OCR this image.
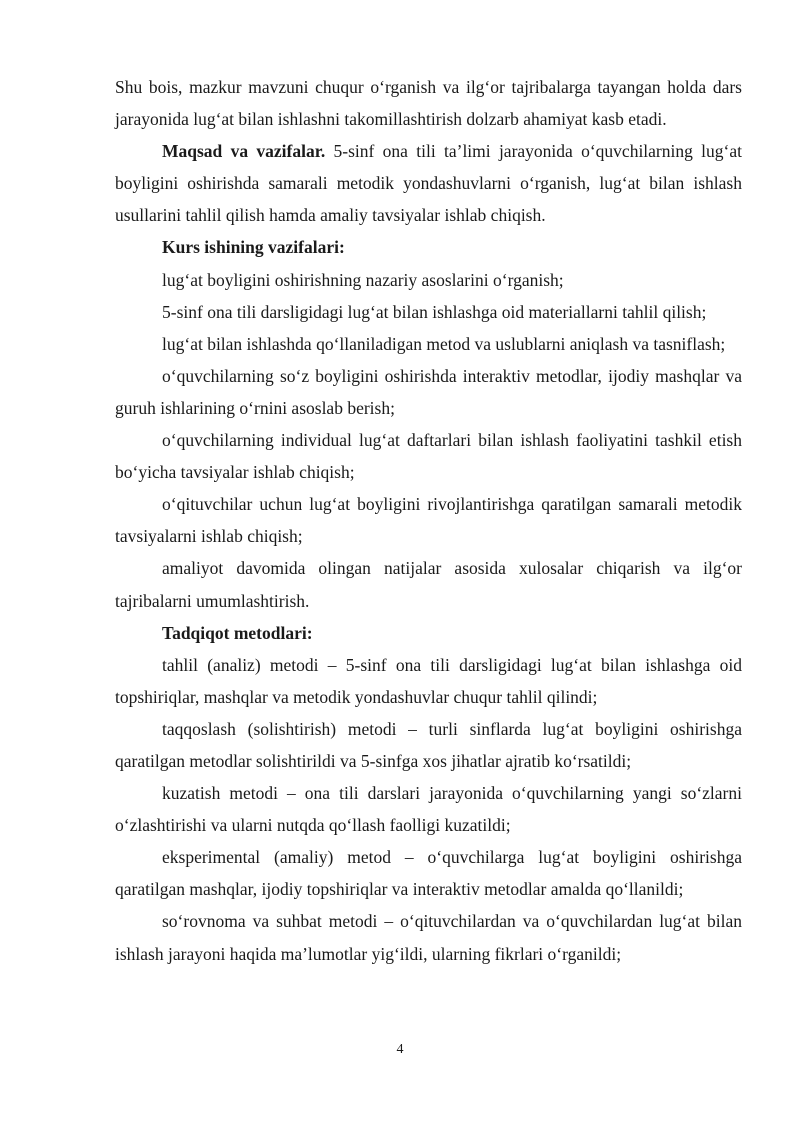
Shu bois, mazkur mavzuni chuqur o‘rganish va ilg‘or tajribalarga tayangan holda dars jarayonida lug‘at bilan ishlashni takomillashtirish dolzarb ahamiyat kasb etadi.

Maqsad va vazifalar. 5-sinf ona tili ta’limi jarayonida o‘quvchilarning lug‘at boyligini oshirishda samarali metodik yondashuvlarni o‘rganish, lug‘at bilan ishlash usullarini tahlil qilish hamda amaliy tavsiyalar ishlab chiqish.

Kurs ishining vazifalari:

lug‘at boyligini oshirishning nazariy asoslarini o‘rganish;

5-sinf ona tili darsligidagi lug‘at bilan ishlashga oid materiallarni tahlil qilish;

lug‘at bilan ishlashda qo‘llaniladigan metod va uslublarni aniqlash va tasniflash;

o‘quvchilarning so‘z boyligini oshirishda interaktiv metodlar, ijodiy mashqlar va guruh ishlarining o‘rnini asoslab berish;

o‘quvchilarning individual lug‘at daftarlari bilan ishlash faoliyatini tashkil etish bo‘yicha tavsiyalar ishlab chiqish;

o‘qituvchilar uchun lug‘at boyligini rivojlantirishga qaratilgan samarali metodik tavsiyalarni ishlab chiqish;

amaliyot davomida olingan natijalar asosida xulosalar chiqarish va ilg‘or tajribalarni umumlashtirish.

Tadqiqot metodlari:

tahlil (analiz) metodi – 5-sinf ona tili darsligidagi lug‘at bilan ishlashga oid topshiriqlar, mashqlar va metodik yondashuvlar chuqur tahlil qilindi;

taqqoslash (solishtirish) metodi – turli sinflarda lug‘at boyligini oshirishga qaratilgan metodlar solishtirildi va 5-sinfga xos jihatlar ajratib ko‘rsatildi;

kuzatish metodi – ona tili darslari jarayonida o‘quvchilarning yangi so‘zlarni o‘zlashtirishi va ularni nutqda qo‘llash faolligi kuzatildi;

eksperimental (amaliy) metod – o‘quvchilarga lug‘at boyligini oshirishga qaratilgan mashqlar, ijodiy topshiriqlar va interaktiv metodlar amalda qo‘llanildi;

so‘rovnoma va suhbat metodi – o‘qituvchilardan va o‘quvchilardan lug‘at bilan ishlash jarayoni haqida ma’lumotlar yig‘ildi, ularning fikrlari o‘rganildi;

4
